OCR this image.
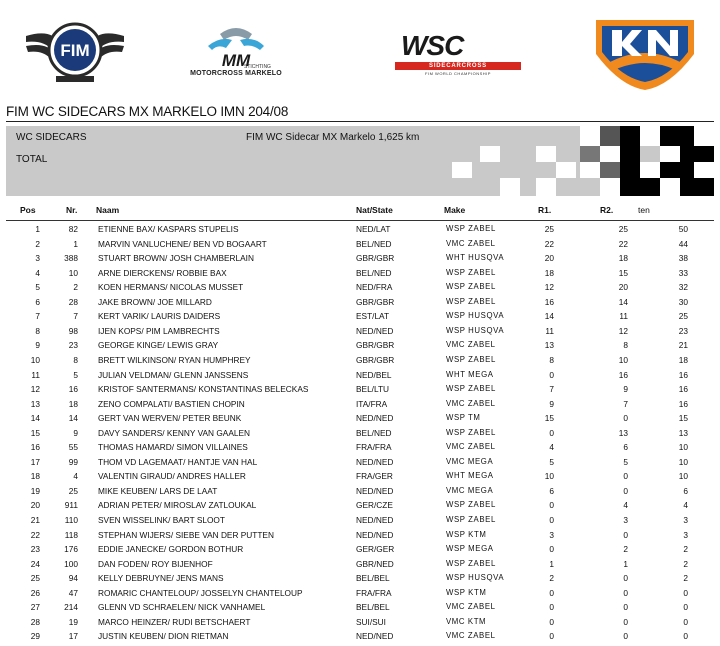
FIM
MM
STICHTING
MOTORCROSS MARKELO
WSC
SIDECARCROSS
FIM WORLD CHAMPIONSHIP
FIM WC SIDECARS MX MARKELO IMN 204/08
WC SIDECARS	FIM WC Sidecar MX Markelo 1,625 km
TOTAL
Pos	Nr. Naam	Nat/State	Make	R1.	R2.	ten
1	82 ETIENNE BAX/ KASPARS STUPELIS	NED/LAT	WSP ZABEL	25	25	50
2	1 MARVIN VANLUCHENE/ BEN VD BOGAART	BEL/NED	VMC ZABEL	22	22	44
3	388 STUART BROWN/ JOSH CHAMBERLAIN	GBR/GBR	WHT HUSQVA	20	18	38
4	10 ARNE DIERCKENS/ ROBBIE BAX	BEL/NED	WSP ZABEL	18	15	33
5	2 KOEN HERMANS/ NICOLAS MUSSET	NED/FRA	WSP ZABEL	12	20	32
6	28 JAKE BROWN/ JOE MILLARD	GBR/GBR	WSP ZABEL	16	14	30
7	7 KERT VARIK/ LAURIS DAIDERS	EST/LAT	WSP HUSQVA	14	11	25
8	98 IJEN KOPS/ PIM LAMBRECHTS	NED/NED	WSP HUSQVA	11	12	23
9	23 GEORGE KINGE/ LEWIS GRAY	GBR/GBR	VMC ZABEL	13	8	21
10	8 BRETT WILKINSON/ RYAN HUMPHREY	GBR/GBR	WSP ZABEL	8	10	18
11	5 JULIAN VELDMAN/ GLENN JANSSENS	NED/BEL	WHT MEGA	0	16	16
12	16 KRISTOF SANTERMANS/ KONSTANTINAS BELECKAS	BEL/LTU	WSP ZABEL	7	9	16
13	18 ZENO COMPALATI/ BASTIEN CHOPIN	ITA/FRA	VMC ZABEL	9	7	16
14	14 GERT VAN WERVEN/ PETER BEUNK	NED/NED	WSP TM	15	0	15
15	9 DAVY SANDERS/ KENNY VAN GAALEN	BEL/NED	WSP ZABEL	0	13	13
16	55 THOMAS HAMARD/ SIMON VILLAINES	FRA/FRA	VMC ZABEL	4	6	10
17	99 THOM VD LAGEMAAT/ HANTJE VAN HAL	NED/NED	VMC MEGA	5	5	10
18	4 VALENTIN GIRAUD/ ANDRES HALLER	FRA/GER	WHT MEGA	10	0	10
19	25 MIKE KEUBEN/ LARS DE LAAT	NED/NED	VMC MEGA	6	0	6
20	911 ADRIAN PETER/ MIROSLAV ZATLOUKAL	GER/CZE	WSP ZABEL	0	4	4
21	110 SVEN WISSELINK/ BART SLOOT	NED/NED	WSP ZABEL	0	3	3
22	118 STEPHAN WIJERS/ SIEBE VAN DER PUTTEN	NED/NED	WSP KTM	3	0	3
23	176 EDDIE JANECKE/ GORDON BOTHUR	GER/GER	WSP MEGA	0	2	2
24	100 DAN FODEN/ ROY BIJENHOF	GBR/NED	WSP ZABEL	1	1	2
25	94 KELLY DEBRUYNE/ JENS MANS	BEL/BEL	WSP HUSQVA	2	0	2
26	47 ROMARIC CHANTELOUP/ JOSSELYN CHANTELOUP	FRA/FRA	WSP KTM	0	0	0
27	214 GLENN VD SCHRAELEN/ NICK VANHAMEL	BEL/BEL	VMC ZABEL	0	0	0
28	19 MARCO HEINZER/ RUDI BETSCHAERT	SUI/SUI	VMC KTM	0	0	0
29	17 JUSTIN KEUBEN/ DION RIETMAN	NED/NED	VMC ZABEL	0	0	0
